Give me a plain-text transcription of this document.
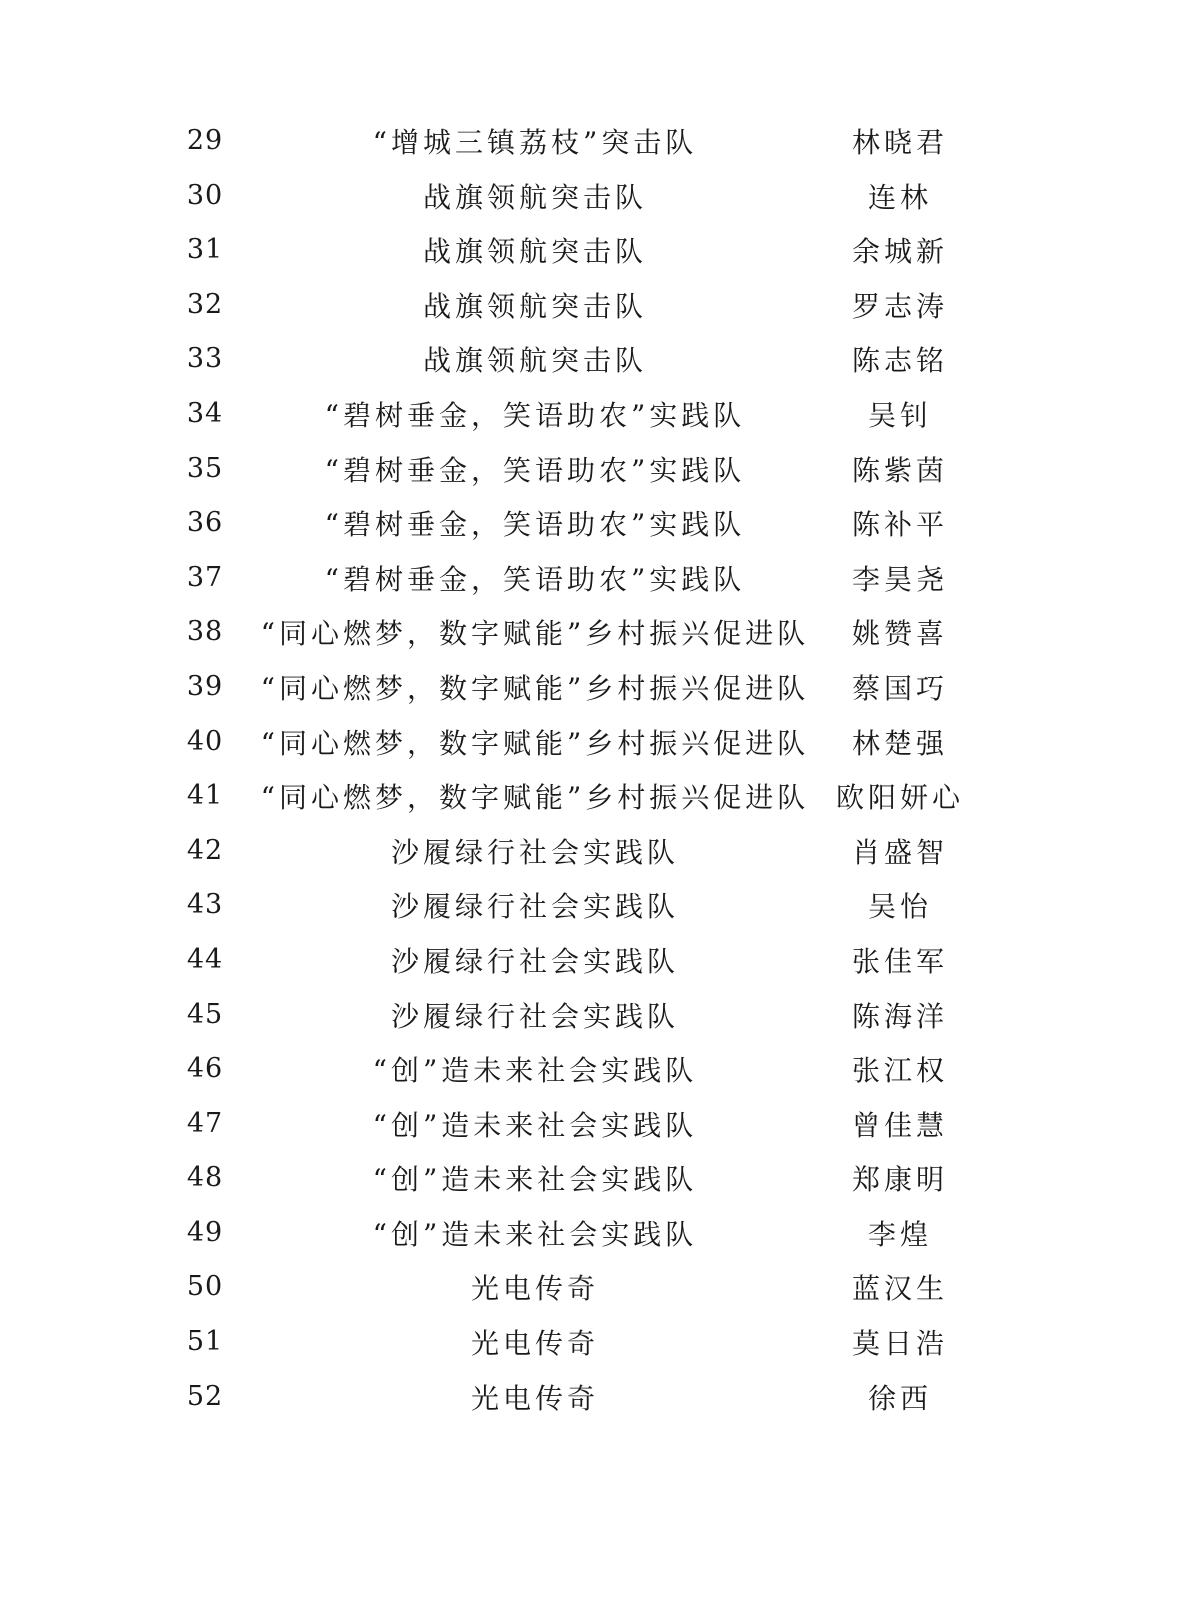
29	“增城三镇荔枝”突击队	林晓君
30	战旗领航突击队	连林
31	战旗领航突击队	余城新
32	战旗领航突击队	罗志涛
33	战旗领航突击队	陈志铭
34	“碧树垂金，笑语助农”实践队	吴钊
35	“碧树垂金，笑语助农”实践队	陈紫茵
36	“碧树垂金，笑语助农”实践队	陈补平
37	“碧树垂金，笑语助农”实践队	李昊尧
38	“同心燃梦，数字赋能”乡村振兴促进队	姚赞喜
39	“同心燃梦，数字赋能”乡村振兴促进队	蔡国巧
40	“同心燃梦，数字赋能”乡村振兴促进队	林楚强
41	“同心燃梦，数字赋能”乡村振兴促进队 欧阳妍心
42	沙履绿行社会实践队	肖盛智
43	沙履绿行社会实践队	吴怡
44	沙履绿行社会实践队	张佳军
45	沙履绿行社会实践队	陈海洋
46	“创”造未来社会实践队	张江权
47	“创”造未来社会实践队	曾佳慧
48	“创”造未来社会实践队	郑康明
49	“创”造未来社会实践队	李煌
50	光电传奇	蓝汉生
51	光电传奇	莫日浩
52	光电传奇	徐西
